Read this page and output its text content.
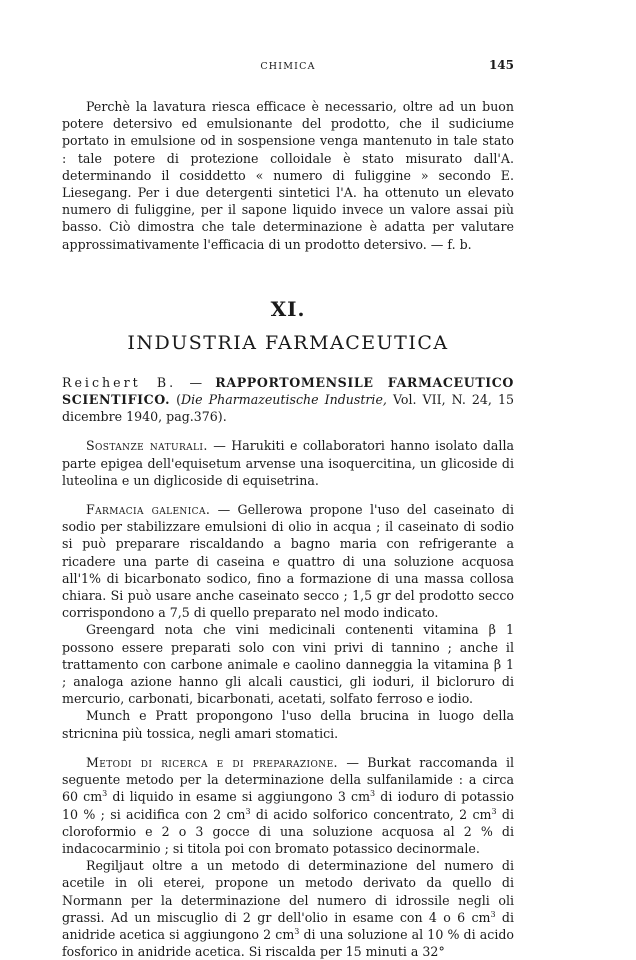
CHIMICA	145

Perchè la lavatura riesca efficace è necessario, oltre ad un buon potere detersivo ed emulsionante del prodotto, che il sudiciume portato in emulsione od in sospensione venga mantenuto in tale stato : tale potere di protezione colloidale è stato misurato dall'A. determinando il cosiddetto « numero di fuliggine » secondo E. Liesegang. Per i due detergenti sintetici l'A. ha ottenuto un elevato numero di fuliggine, per il sapone liquido invece un valore assai più basso. Ciò dimostra che tale determinazione è adatta per valutare approssimativamente l'efficacia di un prodotto detersivo. — f. b.

XI.
INDUSTRIA FARMACEUTICA

Reichert B. — RAPPORTOMENSILE FARMACEUTICO SCIENTIFICO. (Die Pharmazeutische Industrie, Vol. VII, N. 24, 15 dicembre 1940, pag.376).

Sostanze naturali. — Harukiti e collaboratori hanno isolato dalla parte epigea dell'equisetum arvense una isoquercitina, un glicoside di luteolina e un diglicoside di equisetrina.

Farmacia galenica. — Gellerowa propone l'uso del caseinato di sodio per stabilizzare emulsioni di olio in acqua ; il caseinato di sodio si può preparare riscaldando a bagno maria con refrigerante a ricadere una parte di caseina e quattro di una soluzione acquosa all'1% di bicarbonato sodico, fino a formazione di una massa collosa chiara. Si può usare anche caseinato secco ; 1,5 gr del prodotto secco corrispondono a 7,5 di quello preparato nel modo indicato.

Greengard nota che vini medicinali contenenti vitamina β 1 possono essere preparati solo con vini privi di tannino ; anche il trattamento con carbone animale e caolino danneggia la vitamina β 1 ; analoga azione hanno gli alcali caustici, gli ioduri, il bicloruro di mercurio, carbonati, bicarbonati, acetati, solfato ferroso e iodio.

Munch e Pratt propongono l'uso della brucina in luogo della stricnina più tossica, negli amari stomatici.

Metodi di ricerca e di preparazione. — Burkat raccomanda il seguente metodo per la determinazione della sulfanilamide : a circa 60 $cm^3$ di liquido in esame si aggiungono 3 $cm^3$ di ioduro di potassio 10 % ; si acidifica con 2 $cm^3$ di acido solforico concentrato, 2 $cm^3$ di cloroformio e 2 o 3 gocce di una soluzione acquosa al 2 % di indacocarminio ; si titola poi con bromato potassico decinormale.

Regiljaut oltre a un metodo di determinazione del numero di acetile in oli eterei, propone un metodo derivato da quello di Normann per la determinazione del numero di idrossile negli oli grassi. Ad un miscuglio di 2 gr dell'olio in esame con 4 o 6 $cm^3$ di anidride acetica si aggiungono 2 $cm^3$ di una soluzione al 10 % di acido fosforico in anidride acetica. Si riscalda per 15 minuti a 32°
